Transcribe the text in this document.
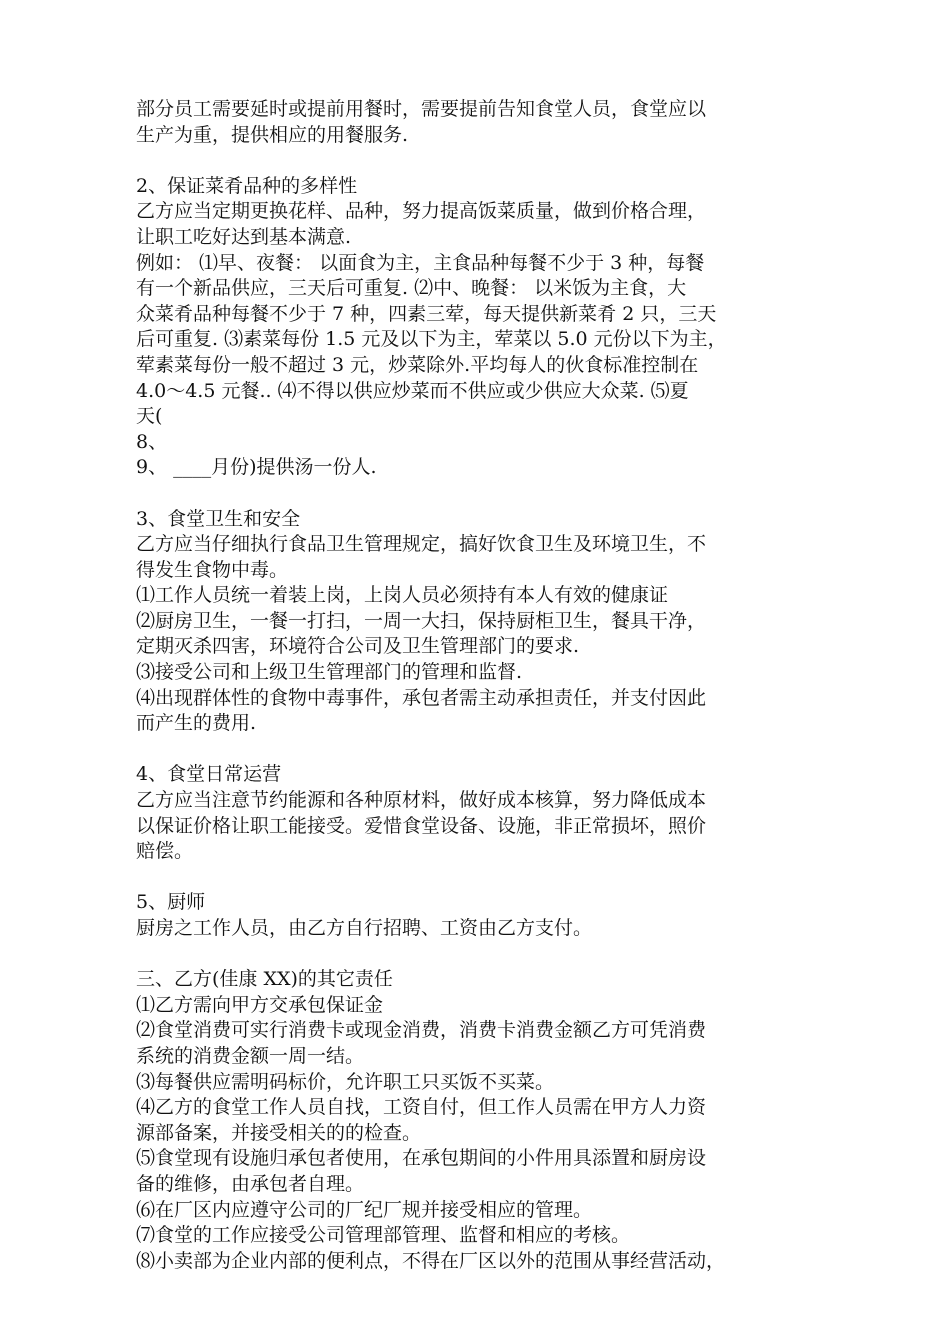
部分员工需要延时或提前用餐时，需要提前告知食堂人员，食堂应以
生产为重，提供相应的用餐服务.
2、保证菜肴品种的多样性
乙方应当定期更换花样、品种，努力提高饭菜质量，做到价格合理，
让职工吃好达到基本满意.
例如： ⑴早、夜餐： 以面食为主，主食品种每餐不少于 3 种，每餐
有一个新品供应，三天后可重复. ⑵中、晚餐： 以米饭为主食，大
众菜肴品种每餐不少于 7 种，四素三荤，每天提供新菜肴 2 只，三天
后可重复. ⑶素菜每份 1.5 元及以下为主，荤菜以 5.0 元份以下为主，
荤素菜每份一般不超过 3 元，炒菜除外.平均每人的伙食标准控制在
4.0～4.5 元餐.. ⑷不得以供应炒菜而不供应或少供应大众菜. ⑸夏
天(
8、
9、 ____月份)提供汤一份人.
3、食堂卫生和安全
乙方应当仔细执行食品卫生管理规定，搞好饮食卫生及环境卫生，不
得发生食物中毒。
⑴工作人员统一着装上岗，上岗人员必须持有本人有效的健康证
⑵厨房卫生，一餐一打扫，一周一大扫，保持厨柜卫生，餐具干净，
定期灭杀四害，环境符合公司及卫生管理部门的要求.
⑶接受公司和上级卫生管理部门的管理和监督.
⑷出现群体性的食物中毒事件，承包者需主动承担责任，并支付因此
而产生的费用.
4、食堂日常运营
乙方应当注意节约能源和各种原材料，做好成本核算，努力降低成本
以保证价格让职工能接受。爱惜食堂设备、设施，非正常损坏，照价
赔偿。
5、厨师
厨房之工作人员，由乙方自行招聘、工资由乙方支付。
三、乙方(佳康 XX)的其它责任
⑴乙方需向甲方交承包保证金
⑵食堂消费可实行消费卡或现金消费，消费卡消费金额乙方可凭消费
系统的消费金额一周一结。
⑶每餐供应需明码标价，允许职工只买饭不买菜。
⑷乙方的食堂工作人员自找，工资自付，但工作人员需在甲方人力资
源部备案，并接受相关的的检查。
⑸食堂现有设施归承包者使用，在承包期间的小件用具添置和厨房设
备的维修，由承包者自理。
⑹在厂区内应遵守公司的厂纪厂规并接受相应的管理。
⑺食堂的工作应接受公司管理部管理、监督和相应的考核。
⑻小卖部为企业内部的便利点，不得在厂区以外的范围从事经营活动，
